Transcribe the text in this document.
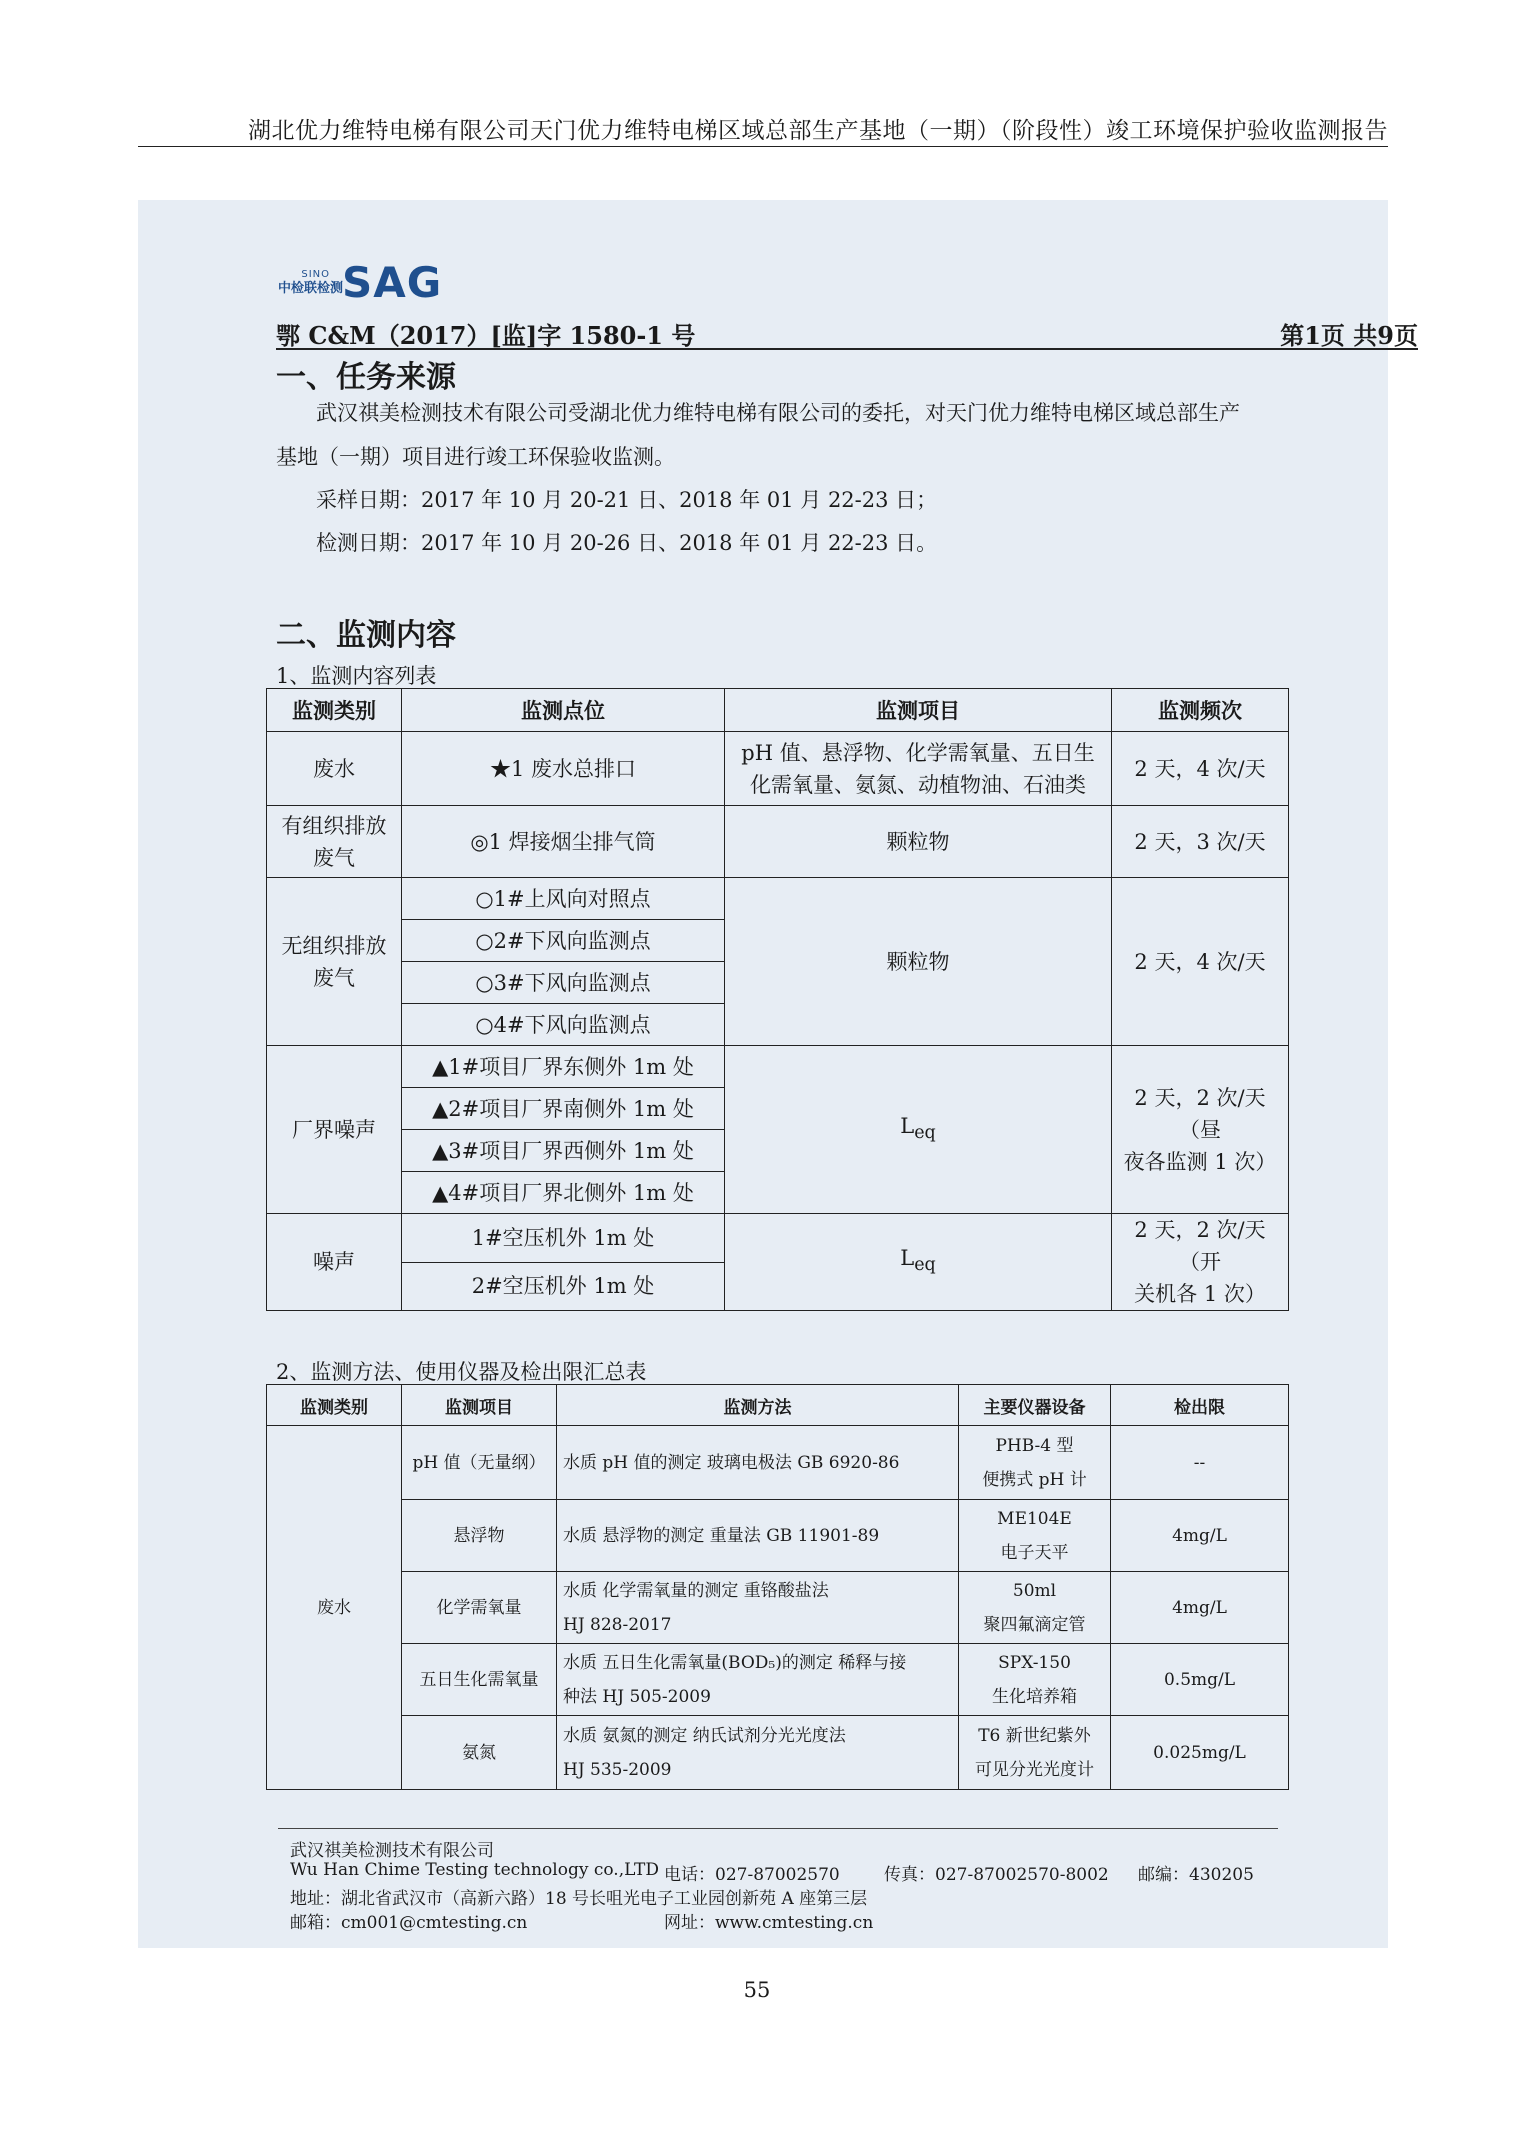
湖北优力维特电梯有限公司天门优力维特电梯区域总部生产基地（一期）（阶段性）竣工环境保护验收监测报告
SINO
中检联检测
SAG
鄂 C&M（2017）[监]字 1580-1 号	第1页 共9页
一、任务来源
武汉祺美检测技术有限公司受湖北优力维特电梯有限公司的委托，对天门优力维特电梯区域总部生产
基地（一期）项目进行竣工环保验收监测。
采样日期：2017 年 10 月 20-21 日、2018 年 01 月 22-23 日；
检测日期：2017 年 10 月 20-26 日、2018 年 01 月 22-23 日。
二、监测内容
1、监测内容列表
监测类别	监测点位	监测项目	监测频次
废水	★1 废水总排口	pH 值、悬浮物、化学需氧量、五日生
化需氧量、氨氮、动植物油、石油类	2 天，4 次/天
有组织排放
废气	◎1 焊接烟尘排气筒	颗粒物	2 天，3 次/天
无组织排放
废气	○1#上风向对照点	颗粒物	2 天，4 次/天
	○2#下风向监测点		
	○3#下风向监测点		
	○4#下风向监测点		
厂界噪声	▲1#项目厂界东侧外 1m 处	$L_{eq}$	2 天，2 次/天（昼
夜各监测 1 次）
	▲2#项目厂界南侧外 1m 处		
	▲3#项目厂界西侧外 1m 处		
	▲4#项目厂界北侧外 1m 处		
噪声	1#空压机外 1m 处	$L_{eq}$	2 天，2 次/天（开
关机各 1 次）
	2#空压机外 1m 处		
2、监测方法、使用仪器及检出限汇总表
监测类别	监测项目	监测方法	主要仪器设备	检出限
废水	pH 值（无量纲）	水质 pH 值的测定 玻璃电极法 GB 6920-86	PHB-4 型
便携式 pH 计	--
	悬浮物	水质 悬浮物的测定 重量法 GB 11901-89	ME104E
电子天平	4mg/L
	化学需氧量	水质 化学需氧量的测定 重铬酸盐法
HJ 828-2017	50ml
聚四氟滴定管	4mg/L
	五日生化需氧量	水质 五日生化需氧量(BOD₅)的测定 稀释与接
种法 HJ 505-2009	SPX-150
生化培养箱	0.5mg/L
	氨氮	水质 氨氮的测定 纳氏试剂分光光度法
HJ 535-2009	T6 新世纪紫外
可见分光光度计	0.025mg/L
武汉祺美检测技术有限公司
Wu Han Chime Testing technology co.,LTD 电话：027-87002570	传真：027-87002570-8002 邮编：430205
地址：湖北省武汉市（高新六路）18 号长咀光电子工业园创新苑 A 座第三层
邮箱：cm001@cmtesting.cn	网址：www.cmtesting.cn
55
